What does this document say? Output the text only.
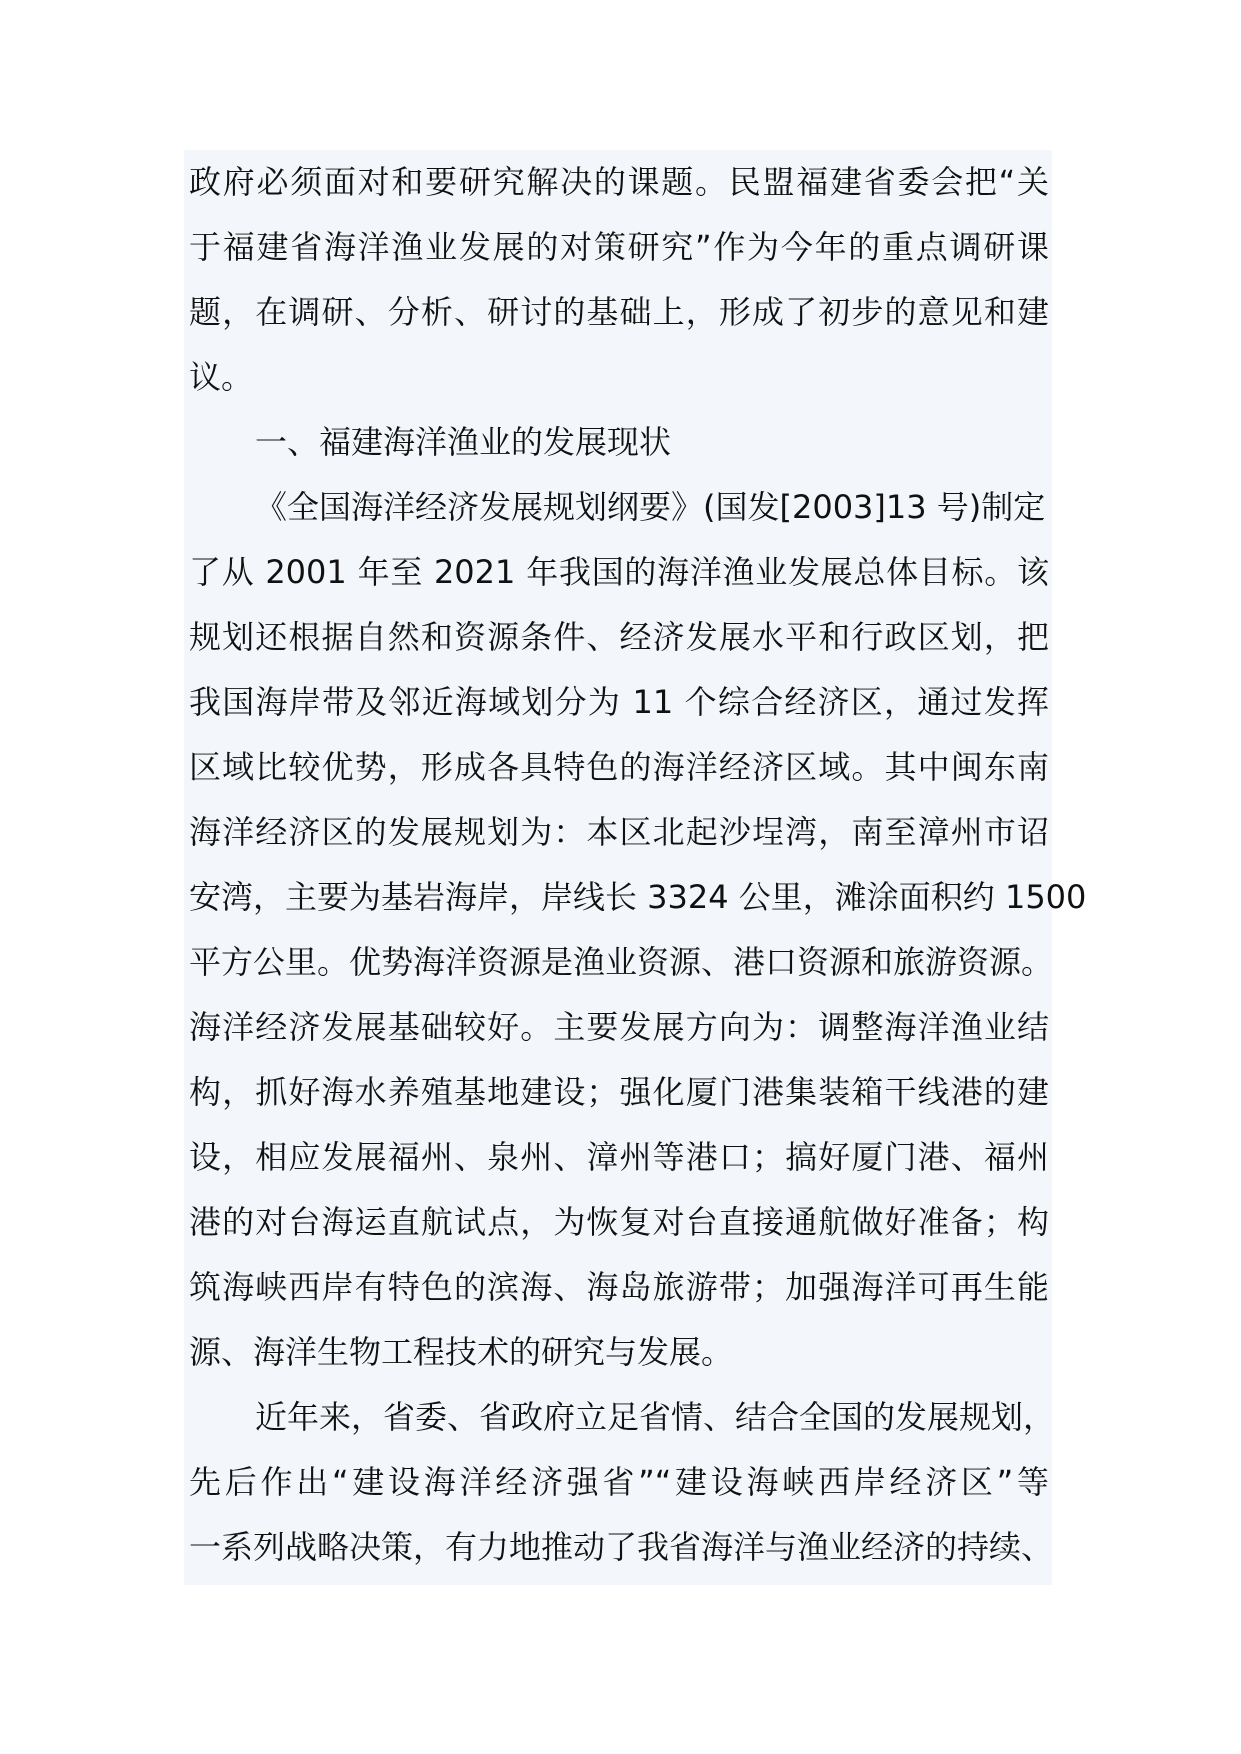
政府必须面对和要研究解决的课题。民盟福建省委会把“关
于福建省海洋渔业发展的对策研究”作为今年的重点调研课
题，在调研、分析、研讨的基础上，形成了初步的意见和建
议。
一、福建海洋渔业的发展现状
《全国海洋经济发展规划纲要》(国发[2003]13 号)制定
了从 2001 年至 2021 年我国的海洋渔业发展总体目标。该
规划还根据自然和资源条件、经济发展水平和行政区划，把
我国海岸带及邻近海域划分为 11 个综合经济区，通过发挥
区域比较优势，形成各具特色的海洋经济区域。其中闽东南
海洋经济区的发展规划为：本区北起沙埕湾，南至漳州市诏
安湾，主要为基岩海岸，岸线长 3324 公里，滩涂面积约 1500
平方公里。优势海洋资源是渔业资源、港口资源和旅游资源。
海洋经济发展基础较好。主要发展方向为：调整海洋渔业结
构，抓好海水养殖基地建设；强化厦门港集装箱干线港的建
设，相应发展福州、泉州、漳州等港口；搞好厦门港、福州
港的对台海运直航试点，为恢复对台直接通航做好准备；构
筑海峡西岸有特色的滨海、海岛旅游带；加强海洋可再生能
源、海洋生物工程技术的研究与发展。
近年来，省委、省政府立足省情、结合全国的发展规划，
先后作出“建设海洋经济强省”“建设海峡西岸经济区”等
一系列战略决策，有力地推动了我省海洋与渔业经济的持续、
